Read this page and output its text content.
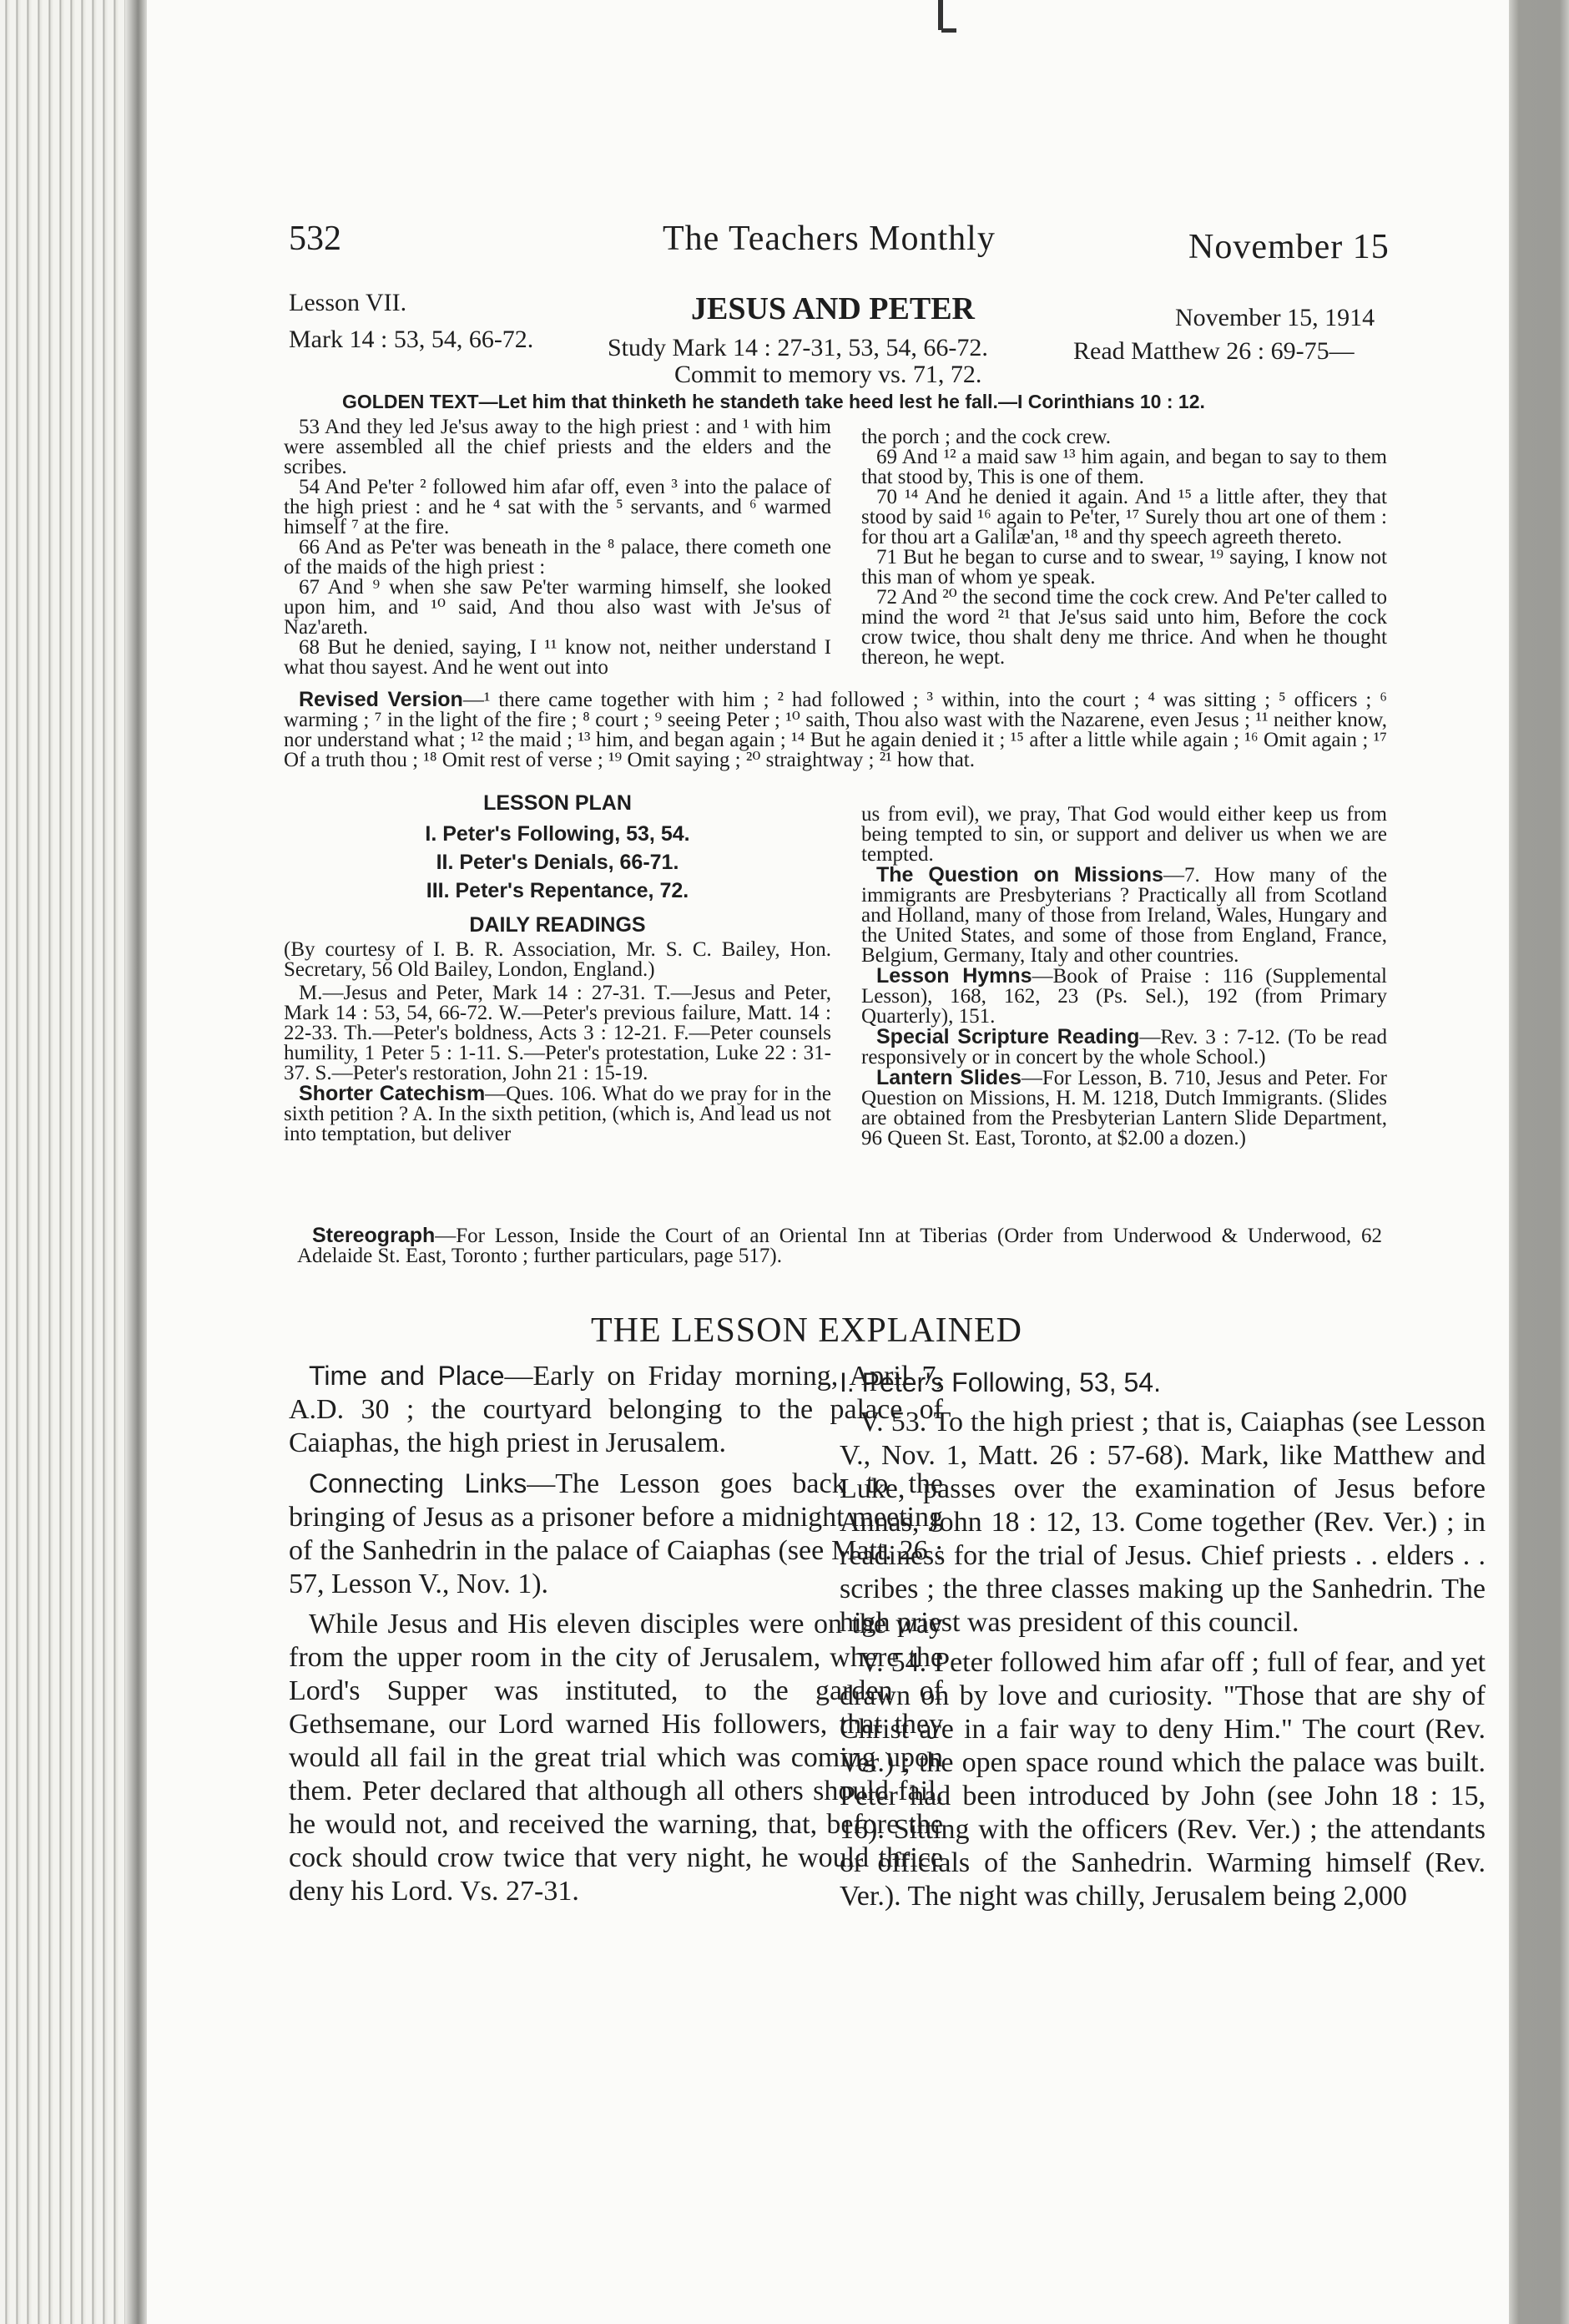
532	The Teachers Monthly	November 15
Lesson VII.	JESUS AND PETER	November 15, 1914
Mark 14 : 53, 54, 66-72.	Study Mark 14 : 27-31, 53, 54, 66-72.	Read Matthew 26 : 69-75—
Commit to memory vs. 71, 72.
GOLDEN TEXT—Let him that thinketh he standeth take heed lest he fall.—I Corinthians 10 : 12.

53 And they led Je'sus away to the high priest : and ¹ with him were assembled all the chief priests and the elders and the scribes.

54 And Pe'ter ² followed him afar off, even ³ into the palace of the high priest : and he ⁴ sat with the ⁵ servants, and ⁶ warmed himself ⁷ at the fire.

66 And as Pe'ter was beneath in the ⁸ palace, there cometh one of the maids of the high priest :

67 And ⁹ when she saw Pe'ter warming himself, she looked upon him, and ¹⁰ said, And thou also wast with Je'sus of Naz'areth.

68 But he denied, saying, I ¹¹ know not, neither understand I what thou sayest. And he went out into

the porch ; and the cock crew.

69 And ¹² a maid saw ¹³ him again, and began to say to them that stood by, This is one of them.

70 ¹⁴ And he denied it again. And ¹⁵ a little after, they that stood by said ¹⁶ again to Pe'ter, ¹⁷ Surely thou art one of them : for thou art a Galilæ'an, ¹⁸ and thy speech agreeth thereto.

71 But he began to curse and to swear, ¹⁹ saying, I know not this man of whom ye speak.

72 And ²⁰ the second time the cock crew. And Pe'ter called to mind the word ²¹ that Je'sus said unto him, Before the cock crow twice, thou shalt deny me thrice. And when he thought thereon, he wept.

Revised Version—¹ there came together with him ; ² had followed ; ³ within, into the court ; ⁴ was sitting ; ⁵ officers ; ⁶ warming ; ⁷ in the light of the fire ; ⁸ court ; ⁹ seeing Peter ; ¹⁰ saith, Thou also wast with the Nazarene, even Jesus ; ¹¹ neither know, nor understand what ; ¹² the maid ; ¹³ him, and began again ; ¹⁴ But he again denied it ; ¹⁵ after a little while again ; ¹⁶ Omit again ; ¹⁷ Of a truth thou ; ¹⁸ Omit rest of verse ; ¹⁹ Omit saying ; ²⁰ straightway ; ²¹ how that.

LESSON PLAN

I. Peter's Following, 53, 54.

II. Peter's Denials, 66-71.

III. Peter's Repentance, 72.

DAILY READINGS

(By courtesy of I. B. R. Association, Mr. S. C. Bailey, Hon. Secretary, 56 Old Bailey, London, England.)

M.—Jesus and Peter, Mark 14 : 27-31. T.—Jesus and Peter, Mark 14 : 53, 54, 66-72. W.—Peter's previous failure, Matt. 14 : 22-33. Th.—Peter's boldness, Acts 3 : 12-21. F.—Peter counsels humility, 1 Peter 5 : 1-11. S.—Peter's protestation, Luke 22 : 31-37. S.—Peter's restoration, John 21 : 15-19.

Shorter Catechism—Ques. 106. What do we pray for in the sixth petition ? A. In the sixth petition, (which is, And lead us not into temptation, but deliver

us from evil), we pray, That God would either keep us from being tempted to sin, or support and deliver us when we are tempted.

The Question on Missions—7. How many of the immigrants are Presbyterians ? Practically all from Scotland and Holland, many of those from Ireland, Wales, Hungary and the United States, and some of those from England, France, Belgium, Germany, Italy and other countries.

Lesson Hymns—Book of Praise : 116 (Supplemental Lesson), 168, 162, 23 (Ps. Sel.), 192 (from Primary Quarterly), 151.

Special Scripture Reading—Rev. 3 : 7-12. (To be read responsively or in concert by the whole School.)

Lantern Slides—For Lesson, B. 710, Jesus and Peter. For Question on Missions, H. M. 1218, Dutch Immigrants. (Slides are obtained from the Presbyterian Lantern Slide Department, 96 Queen St. East, Toronto, at $2.00 a dozen.)

Stereograph—For Lesson, Inside the Court of an Oriental Inn at Tiberias (Order from Underwood & Underwood, 62 Adelaide St. East, Toronto ; further particulars, page 517).

THE LESSON EXPLAINED

Time and Place—Early on Friday morning, April 7, A.D. 30 ; the courtyard belonging to the palace of Caiaphas, the high priest in Jerusalem.

Connecting Links—The Lesson goes back to the bringing of Jesus as a prisoner before a midnight meeting of the Sanhedrin in the palace of Caiaphas (see Matt. 26 : 57, Lesson V., Nov. 1).

While Jesus and His eleven disciples were on the way from the upper room in the city of Jerusalem, where the Lord's Supper was instituted, to the garden of Gethsemane, our Lord warned His followers, that they would all fail in the great trial which was coming upon them. Peter declared that although all others should fail, he would not, and received the warning, that, before the cock should crow twice that very night, he would thrice deny his Lord. Vs. 27-31.

I. Peter's Following, 53, 54.

V. 53. To the high priest ; that is, Caiaphas (see Lesson V., Nov. 1, Matt. 26 : 57-68). Mark, like Matthew and Luke, passes over the examination of Jesus before Annas, John 18 : 12, 13. Come together (Rev. Ver.) ; in readiness for the trial of Jesus. Chief priests . . elders . . scribes ; the three classes making up the Sanhedrin. The high priest was president of this council.

V. 54. Peter followed him afar off ; full of fear, and yet drawn on by love and curiosity. "Those that are shy of Christ are in a fair way to deny Him." The court (Rev. Ver.) ; the open space round which the palace was built. Peter had been introduced by John (see John 18 : 15, 16). Sitting with the officers (Rev. Ver.) ; the attendants or officials of the Sanhedrin. Warming himself (Rev. Ver.). The night was chilly, Jerusalem being 2,000
